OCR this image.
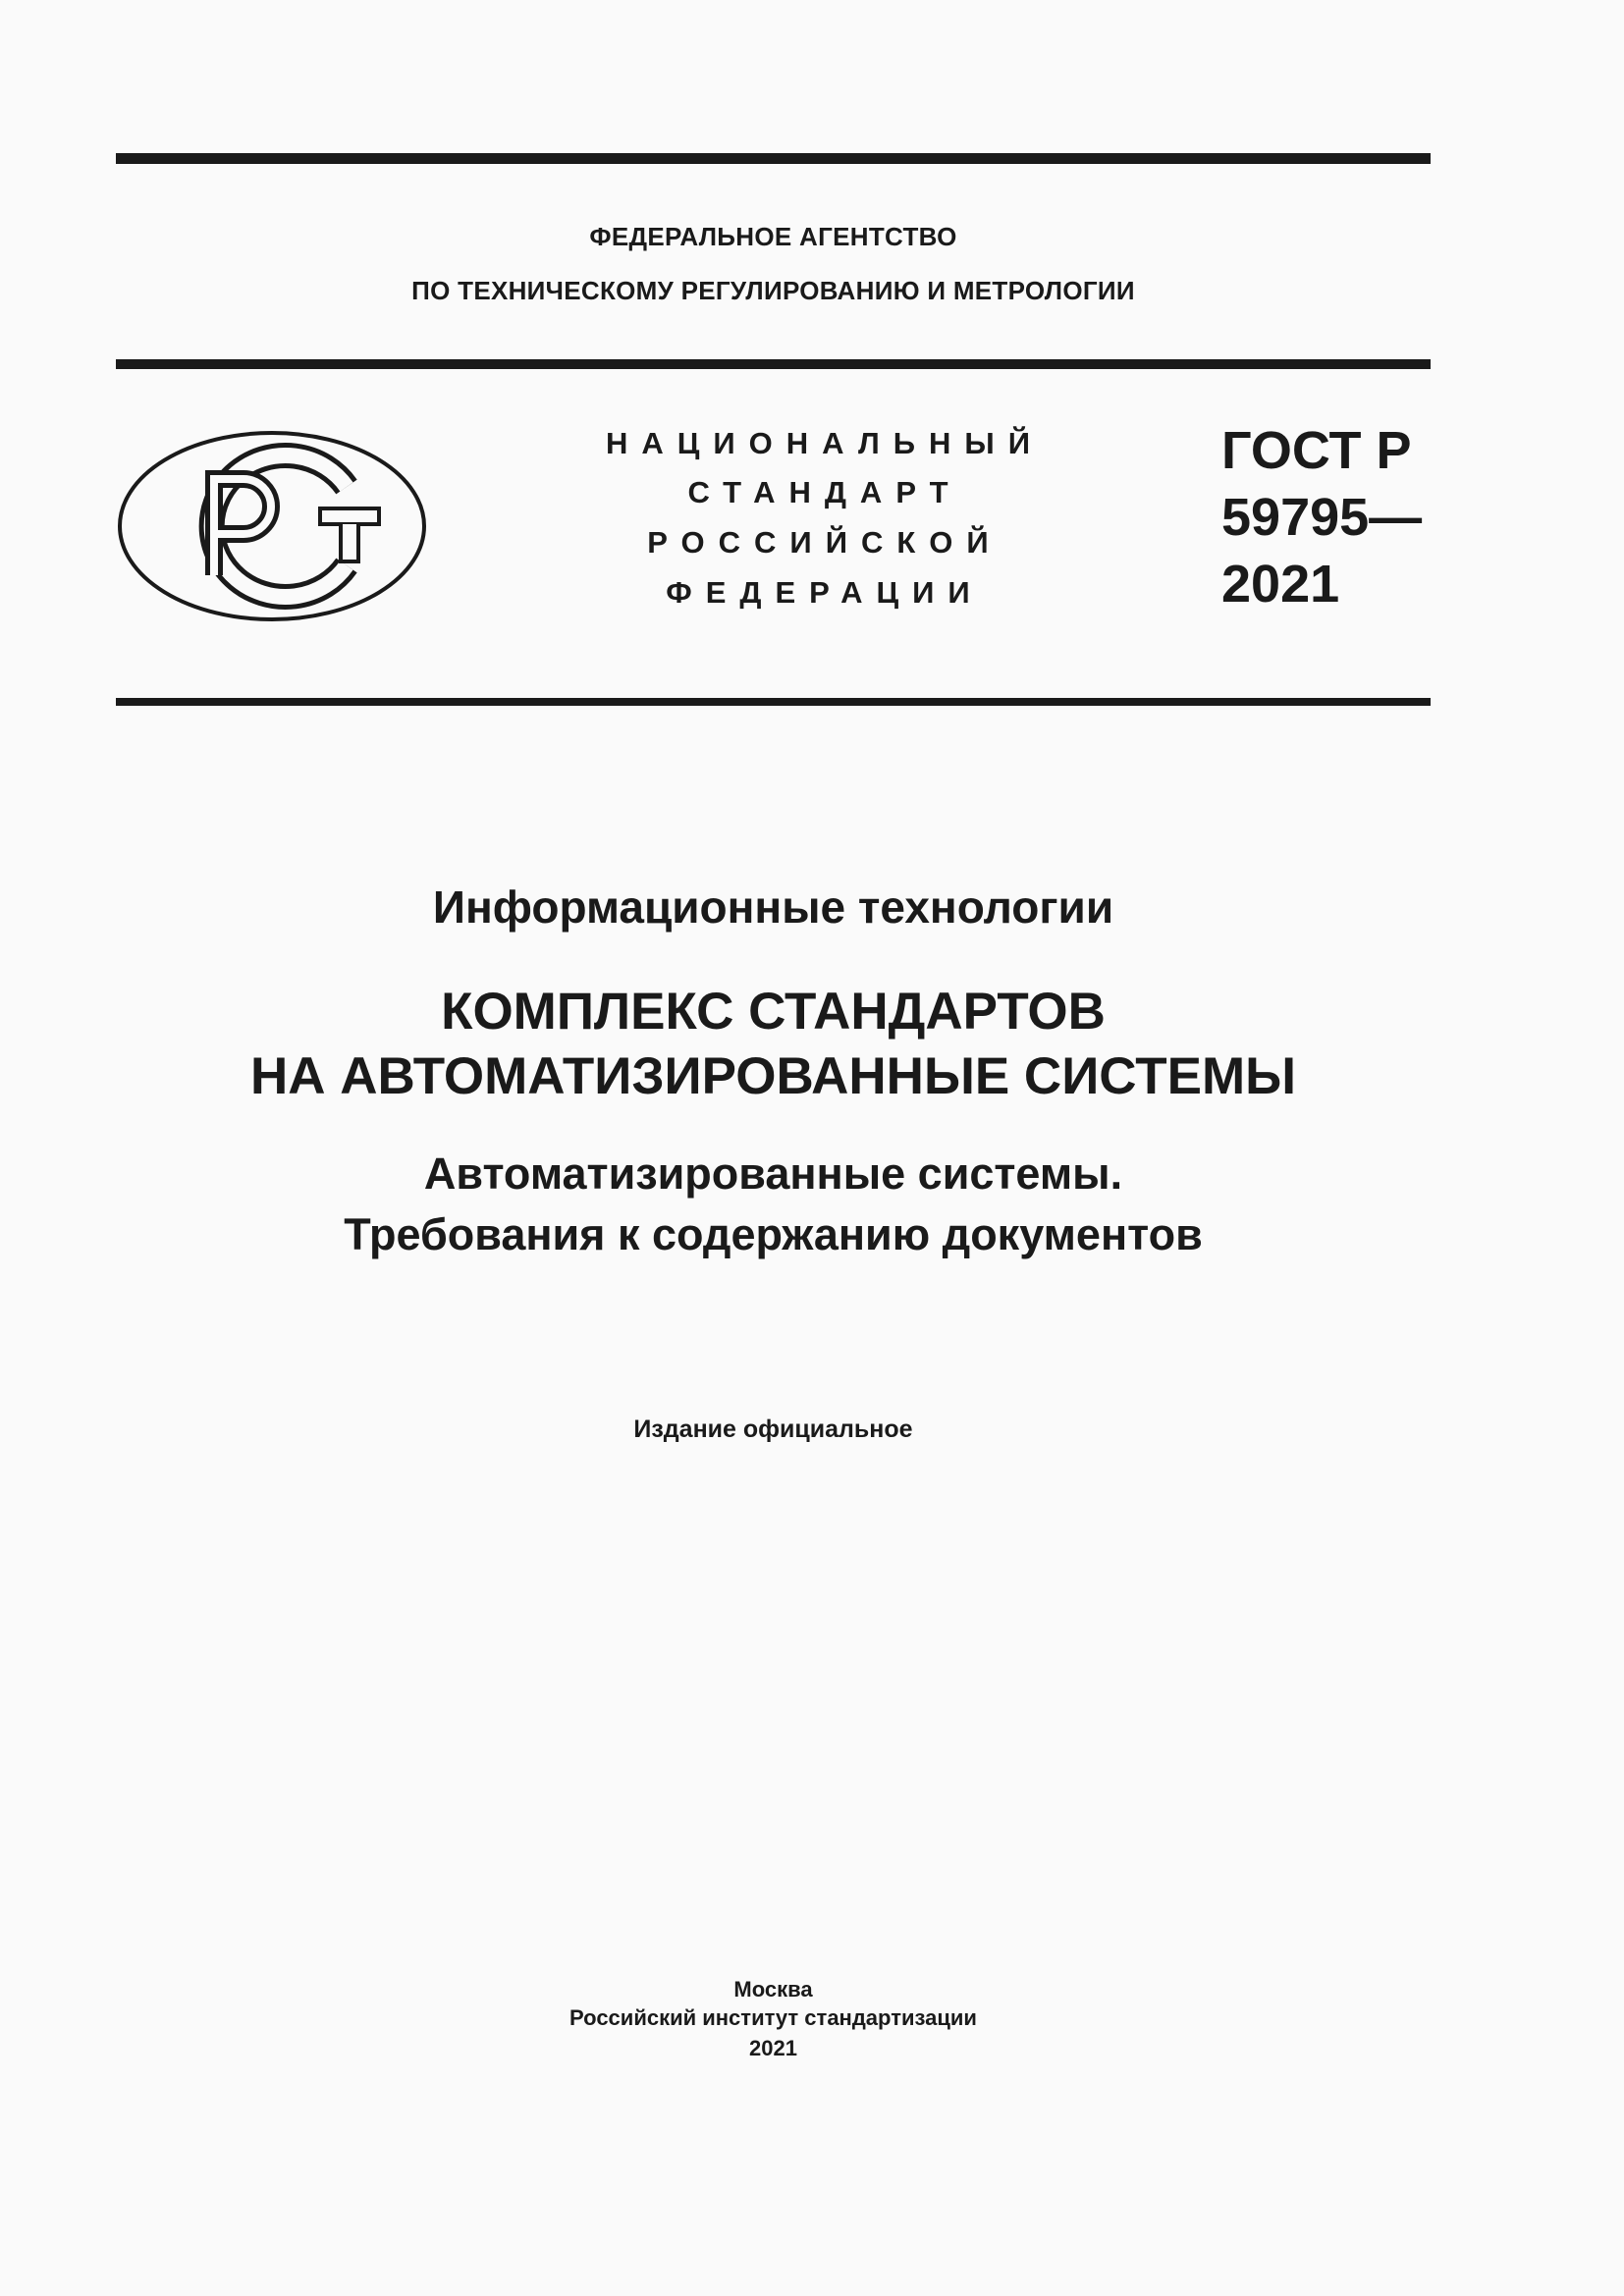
ФЕДЕРАЛЬНОЕ АГЕНТСТВО
ПО ТЕХНИЧЕСКОМУ РЕГУЛИРОВАНИЮ И МЕТРОЛОГИИ
НАЦИОНАЛЬНЫЙ
СТАНДАРТ
РОССИЙСКОЙ
ФЕДЕРАЦИИ
ГОСТ Р
59795—
2021
Информационные технологии
КОМПЛЕКС СТАНДАРТОВ
НА АВТОМАТИЗИРОВАННЫЕ СИСТЕМЫ
Автоматизированные системы.
Требования к содержанию документов
Издание официальное
Москва
Российский институт стандартизации
2021
